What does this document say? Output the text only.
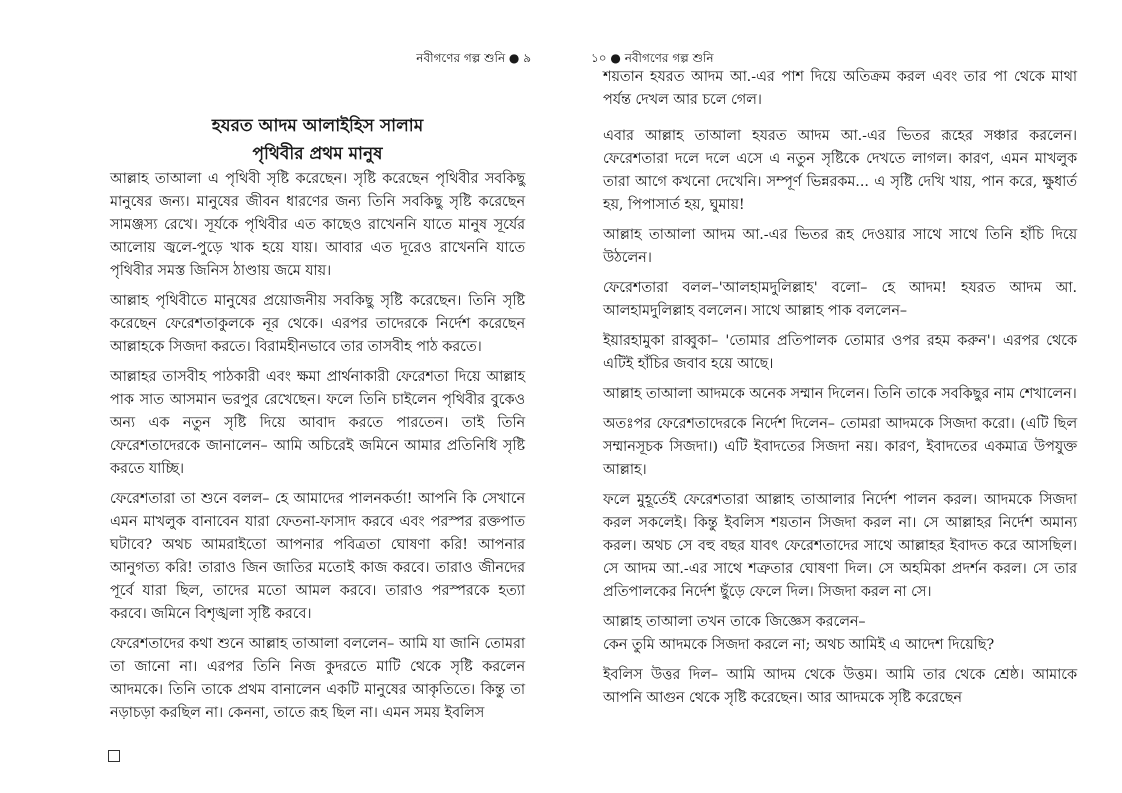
নবীগণের গল্প শুনি ● ৯
হযরত আদম আলাইহিস সালাম
পৃথিবীর প্রথম মানুষ

আল্লাহ তাআলা এ পৃথিবী সৃষ্টি করেছেন। সৃষ্টি করেছেন পৃথিবীর সবকিছু মানুষের জন্য। মানুষের জীবন ধারণের জন্য তিনি সবকিছু সৃষ্টি করেছেন সামঞ্জস্য রেখে। সূর্যকে পৃথিবীর এত কাছেও রাখেননি যাতে মানুষ সূর্যের আলোয় জ্বলে-পুড়ে খাক হয়ে যায়। আবার এত দূরেও রাখেননি যাতে পৃথিবীর সমস্ত জিনিস ঠাণ্ডায় জমে যায়।

আল্লাহ পৃথিবীতে মানুষের প্রয়োজনীয় সবকিছু সৃষ্টি করেছেন। তিনি সৃষ্টি করেছেন ফেরেশতাকুলকে নূর থেকে। এরপর তাদেরকে নির্দেশ করেছেন আল্লাহকে সিজদা করতে। বিরামহীনভাবে তার তাসবীহ পাঠ করতে।

আল্লাহর তাসবীহ পাঠকারী এবং ক্ষমা প্রার্থনাকারী ফেরেশতা দিয়ে আল্লাহ পাক সাত আসমান ভরপুর রেখেছেন। ফলে তিনি চাইলেন পৃথিবীর বুকেও অন্য এক নতুন সৃষ্টি দিয়ে আবাদ করতে পারতেন। তাই তিনি ফেরেশতাদেরকে জানালেন– আমি অচিরেই জমিনে আমার প্রতিনিধি সৃষ্টি করতে যাচ্ছি।

ফেরেশতারা তা শুনে বলল– হে আমাদের পালনকর্তা! আপনি কি সেখানে এমন মাখলুক বানাবেন যারা ফেতনা-ফাসাদ করবে এবং পরস্পর রক্তপাত ঘটাবে? অথচ আমরাইতো আপনার পবিত্রতা ঘোষণা করি! আপনার আনুগত্য করি! তারাও জিন জাতির মতোই কাজ করবে। তারাও জীনদের পূর্বে যারা ছিল, তাদের মতো আমল করবে। তারাও পরস্পরকে হত্যা করবে। জমিনে বিশৃঙ্খলা সৃষ্টি করবে।

ফেরেশতাদের কথা শুনে আল্লাহ তাআলা বললেন– আমি যা জানি তোমরা তা জানো না। এরপর তিনি নিজ কুদরতে মাটি থেকে সৃষ্টি করলেন আদমকে। তিনি তাকে প্রথম বানালেন একটি মানুষের আকৃতিতে। কিন্তু তা নড়াচড়া করছিল না। কেননা, তাতে রূহ ছিল না। এমন সময় ইবলিস

১০ ● নবীগণের গল্প শুনি

শয়তান হযরত আদম আ.-এর পাশ দিয়ে অতিক্রম করল এবং তার পা থেকে মাথা পর্যন্ত দেখল আর চলে গেল।

এবার আল্লাহ তাআলা হযরত আদম আ.-এর ভিতর রূহের সঞ্চার করলেন। ফেরেশতারা দলে দলে এসে এ নতুন সৃষ্টিকে দেখতে লাগল। কারণ, এমন মাখলুক তারা আগে কখনো দেখেনি। সম্পূর্ণ ভিন্নরকম... এ সৃষ্টি দেখি খায়, পান করে, ক্ষুধার্ত হয়, পিপাসার্ত হয়, ঘুমায়!

আল্লাহ তাআলা আদম আ.-এর ভিতর রূহ দেওয়ার সাথে সাথে তিনি হাঁচি দিয়ে উঠলেন।

ফেরেশতারা বলল–'আলহামদুলিল্লাহ' বলো– হে আদম! হযরত আদম আ. আলহামদুলিল্লাহ বললেন। সাথে আল্লাহ পাক বললেন–

ইয়ারহামুকা রাব্বুকা– 'তোমার প্রতিপালক তোমার ওপর রহম করুন'। এরপর থেকে এটিই হাঁচির জবাব হয়ে আছে।

আল্লাহ তাআলা আদমকে অনেক সম্মান দিলেন। তিনি তাকে সবকিছুর নাম শেখালেন।

অতঃপর ফেরেশতাদেরকে নির্দেশ দিলেন– তোমরা আদমকে সিজদা করো। (এটি ছিল সম্মানসূচক সিজদা।) এটি ইবাদতের সিজদা নয়। কারণ, ইবাদতের একমাত্র উপযুক্ত আল্লাহ।

ফলে মুহূর্তেই ফেরেশতারা আল্লাহ তাআলার নির্দেশ পালন করল। আদমকে সিজদা করল সকলেই। কিন্তু ইবলিস শয়তান সিজদা করল না। সে আল্লাহর নির্দেশ অমান্য করল। অথচ সে বহু বছর যাবৎ ফেরেশতাদের সাথে আল্লাহর ইবাদত করে আসছিল। সে আদম আ.-এর সাথে শত্রুতার ঘোষণা দিল। সে অহমিকা প্রদর্শন করল। সে তার প্রতিপালকের নির্দেশ ছুঁড়ে ফেলে দিল। সিজদা করল না সে।

আল্লাহ তাআলা তখন তাকে জিজ্ঞেস করলেন–

কেন তুমি আদমকে সিজদা করলে না; অথচ আমিই এ আদেশ দিয়েছি?

ইবলিস উত্তর দিল– আমি আদম থেকে উত্তম। আমি তার থেকে শ্রেষ্ঠ। আমাকে আপনি আগুন থেকে সৃষ্টি করেছেন। আর আদমকে সৃষ্টি করেছেন
